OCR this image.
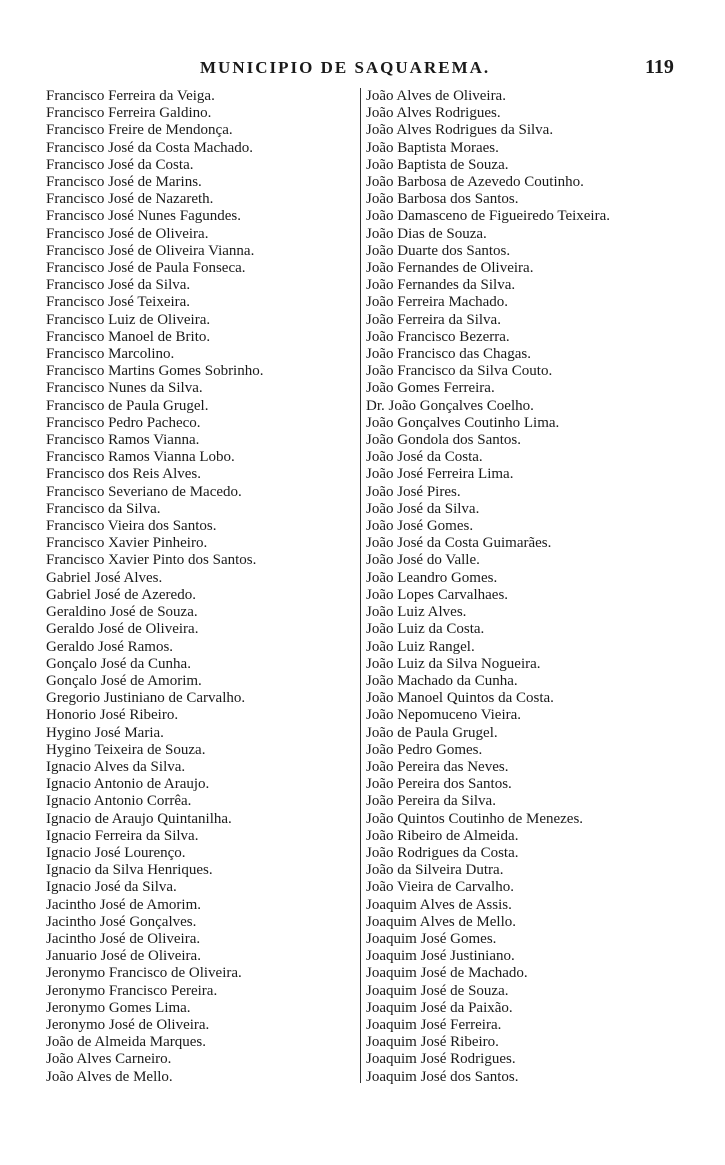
MUNICIPIO DE SAQUAREMA.	119
Francisco Ferreira da Veiga.
Francisco Ferreira Galdino.
Francisco Freire de Mendonça.
Francisco José da Costa Machado.
Francisco José da Costa.
Francisco José de Marins.
Francisco José de Nazareth.
Francisco José Nunes Fagundes.
Francisco José de Oliveira.
Francisco José de Oliveira Vianna.
Francisco José de Paula Fonseca.
Francisco José da Silva.
Francisco José Teixeira.
Francisco Luiz de Oliveira.
Francisco Manoel de Brito.
Francisco Marcolino.
Francisco Martins Gomes Sobrinho.
Francisco Nunes da Silva.
Francisco de Paula Grugel.
Francisco Pedro Pacheco.
Francisco Ramos Vianna.
Francisco Ramos Vianna Lobo.
Francisco dos Reis Alves.
Francisco Severiano de Macedo.
Francisco da Silva.
Francisco Vieira dos Santos.
Francisco Xavier Pinheiro.
Francisco Xavier Pinto dos Santos.
Gabriel José Alves.
Gabriel José de Azeredo.
Geraldino José de Souza.
Geraldo José de Oliveira.
Geraldo José Ramos.
Gonçalo José da Cunha.
Gonçalo José de Amorim.
Gregorio Justiniano de Carvalho.
Honorio José Ribeiro.
Hygino José Maria.
Hygino Teixeira de Souza.
Ignacio Alves da Silva.
Ignacio Antonio de Araujo.
Ignacio Antonio Corrêa.
Ignacio de Araujo Quintanilha.
Ignacio Ferreira da Silva.
Ignacio José Lourenço.
Ignacio da Silva Henriques.
Ignacio José da Silva.
Jacintho José de Amorim.
Jacintho José Gonçalves.
Jacintho José de Oliveira.
Januario José de Oliveira.
Jeronymo Francisco de Oliveira.
Jeronymo Francisco Pereira.
Jeronymo Gomes Lima.
Jeronymo José de Oliveira.
João de Almeida Marques.
João Alves Carneiro.
João Alves de Mello.
João Alves de Oliveira.
João Alves Rodrigues.
João Alves Rodrigues da Silva.
João Baptista Moraes.
João Baptista de Souza.
João Barbosa de Azevedo Coutinho.
João Barbosa dos Santos.
João Damasceno de Figueiredo Teixeira.
João Dias de Souza.
João Duarte dos Santos.
João Fernandes de Oliveira.
João Fernandes da Silva.
João Ferreira Machado.
João Ferreira da Silva.
João Francisco Bezerra.
João Francisco das Chagas.
João Francisco da Silva Couto.
João Gomes Ferreira.
Dr. João Gonçalves Coelho.
João Gonçalves Coutinho Lima.
João Gondola dos Santos.
João José da Costa.
João José Ferreira Lima.
João José Pires.
João José da Silva.
João José Gomes.
João José da Costa Guimarães.
João José do Valle.
João Leandro Gomes.
João Lopes Carvalhaes.
João Luiz Alves.
João Luiz da Costa.
João Luiz Rangel.
João Luiz da Silva Nogueira.
João Machado da Cunha.
João Manoel Quintos da Costa.
João Nepomuceno Vieira.
João de Paula Grugel.
João Pedro Gomes.
João Pereira das Neves.
João Pereira dos Santos.
João Pereira da Silva.
João Quintos Coutinho de Menezes.
João Ribeiro de Almeida.
João Rodrigues da Costa.
João da Silveira Dutra.
João Vieira de Carvalho.
Joaquim Alves de Assis.
Joaquim Alves de Mello.
Joaquim José Gomes.
Joaquim José Justiniano.
Joaquim José de Machado.
Joaquim José de Souza.
Joaquim José da Paixão.
Joaquim José Ferreira.
Joaquim José Ribeiro.
Joaquim José Rodrigues.
Joaquim José dos Santos.
